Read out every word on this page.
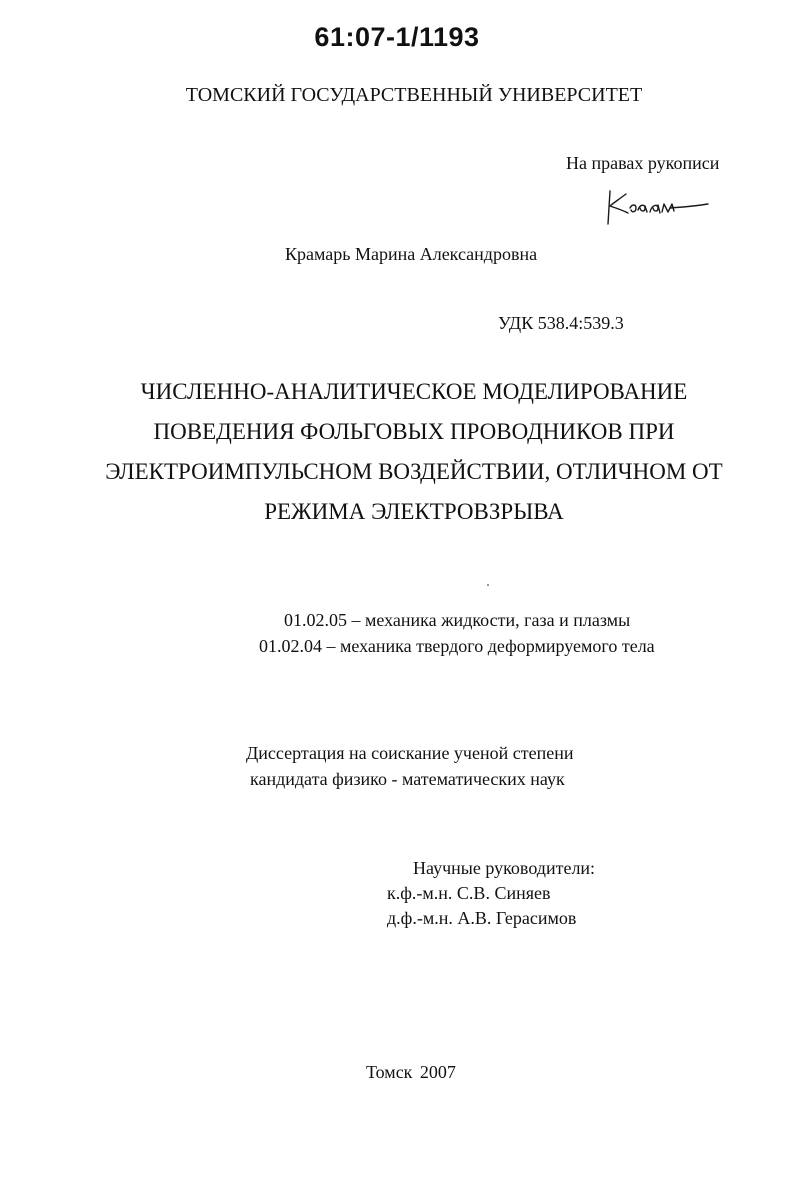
61:07-1/1193
ТОМСКИЙ ГОСУДАРСТВЕННЫЙ УНИВЕРСИТЕТ
На правах рукописи
Крамарь Марина Александровна
УДК 538.4:539.3
ЧИСЛЕННО-АНАЛИТИЧЕСКОЕ МОДЕЛИРОВАНИЕ
ПОВЕДЕНИЯ ФОЛЬГОВЫХ ПРОВОДНИКОВ ПРИ
ЭЛЕКТРОИМПУЛЬСНОМ ВОЗДЕЙСТВИИ, ОТЛИЧНОМ ОТ
РЕЖИМА ЭЛЕКТРОВЗРЫВА
01.02.05 – механика жидкости, газа и плазмы
01.02.04 – механика твердого деформируемого тела
Диссертация на соискание ученой степени
кандидата физико - математических наук
Научные руководители:
к.ф.-м.н. С.В. Синяев
д.ф.-м.н. А.В. Герасимов
Томск 2007
